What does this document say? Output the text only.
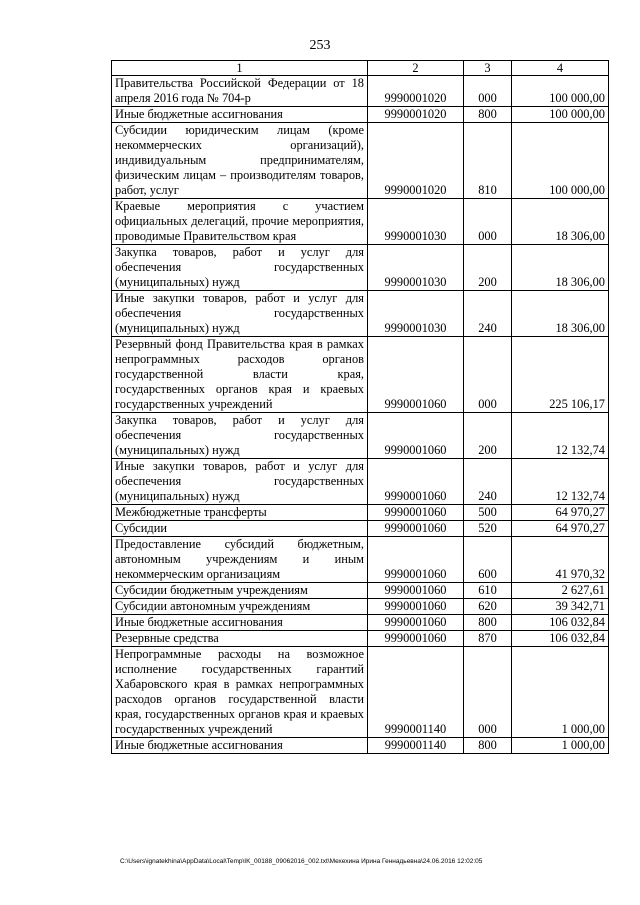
253
1	2	3	4
Правительства Российской Федерации от 18 апреля 2016 года № 704-р	9990001020	000	100 000,00
Иные бюджетные ассигнования	9990001020	800	100 000,00
Субсидии юридическим лицам (кроме некоммерческих организаций), индивидуальным предпринимателям, физическим лицам – производителям товаров, работ, услуг	9990001020	810	100 000,00
Краевые мероприятия с участием официальных делегаций, прочие мероприятия, проводимые Правительством края	9990001030	000	18 306,00
Закупка товаров, работ и услуг для обеспечения государственных (муниципальных) нужд	9990001030	200	18 306,00
Иные закупки товаров, работ и услуг для обеспечения государственных (муниципальных) нужд	9990001030	240	18 306,00
Резервный фонд Правительства края в рамках непрограммных расходов органов государственной власти края, государственных органов края и краевых государственных учреждений	9990001060	000	225 106,17
Закупка товаров, работ и услуг для обеспечения государственных (муниципальных) нужд	9990001060	200	12 132,74
Иные закупки товаров, работ и услуг для обеспечения государственных (муниципальных) нужд	9990001060	240	12 132,74
Межбюджетные трансферты	9990001060	500	64 970,27
Субсидии	9990001060	520	64 970,27
Предоставление субсидий бюджетным, автономным учреждениям и иным некоммерческим организациям	9990001060	600	41 970,32
Субсидии бюджетным учреждениям	9990001060	610	2 627,61
Субсидии автономным учреждениям	9990001060	620	39 342,71
Иные бюджетные ассигнования	9990001060	800	106 032,84
Резервные средства	9990001060	870	106 032,84
Непрограммные расходы на возможное исполнение государственных гарантий Хабаровского края в рамках непрограммных расходов органов государственной власти края, государственных органов края и краевых государственных учреждений	9990001140	000	1 000,00
Иные бюджетные ассигнования	9990001140	800	1 000,00
C:\Users\ignatekhina\AppData\Local\Temp\IK_00188_09062016_002.txt\Мехехина Ирина Геннадьевна\24.06.2016 12:02:05
